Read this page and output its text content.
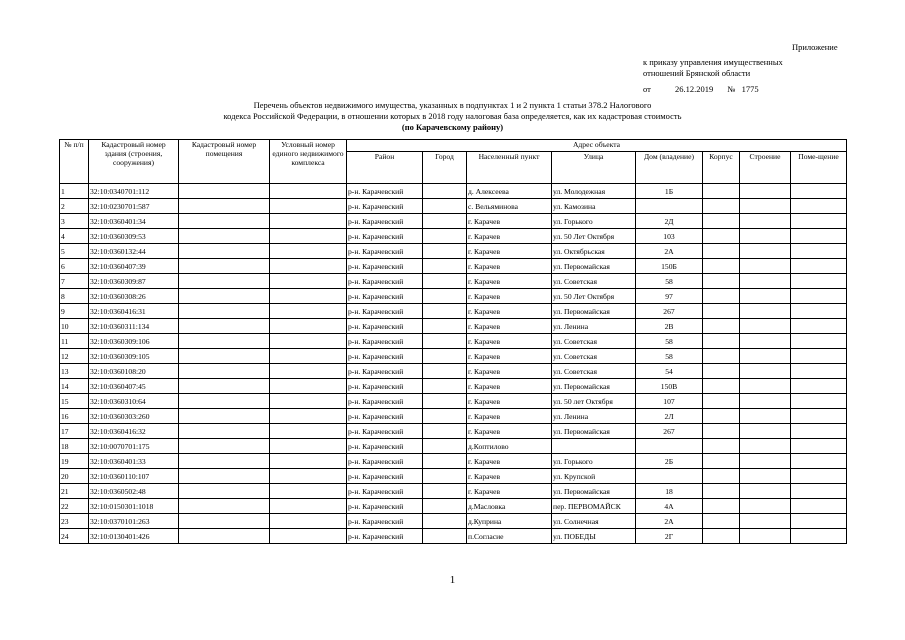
Приложение
к приказу управления имущественных
отношений Брянской области
от	26.12.2019 № 1775
Перечень объектов недвижимого имущества, указанных в подпунктах 1 и 2 пункта 1 статьи 378.2 Налогового
кодекса Российской Федерации, в отношении которых в 2018 году налоговая база определяется, как их кадастровая стоимость
(по Карачевскому району)
№ п/п	Кадастровый номер здания (строения, сооружения)	Кадастровый номер помещения	Условный номер единого недвижимого комплекса	Адрес объекта							
				Район	Город	Населенный пункт	Улица	Дом (владение)	Корпус	Строение	Поме-щение
1	32:10:0340701:112			р-н. Карачевский		д. Алексеева	ул. Молодежная	1Б			
2	32:10:0230701:587			р-н. Карачевский		с. Вельяминова	ул. Камозина				
3	32:10:0360401:34			р-н. Карачевский		г. Карачев	ул. Горького	2Д			
4	32:10:0360309:53			р-н. Карачевский		г. Карачев	ул. 50 Лет Октября	103			
5	32:10:0360132:44			р-н. Карачевский		г. Карачев	ул. Октябрьская	2А			
6	32:10:0360407:39			р-н. Карачевский		г. Карачев	ул. Первомайская	150Б			
7	32:10:0360309:87			р-н. Карачевский		г. Карачев	ул. Советская	58			
8	32:10:0360308:26			р-н. Карачевский		г. Карачев	ул. 50 Лет Октября	97			
9	32:10:0360416:31			р-н. Карачевский		г. Карачев	ул. Первомайская	267			
10	32:10:0360311:134			р-н. Карачевский		г. Карачев	ул. Ленина	2В			
11	32:10:0360309:106			р-н. Карачевский		г. Карачев	ул. Советская	58			
12	32:10:0360309:105			р-н. Карачевский		г. Карачев	ул. Советская	58			
13	32:10:0360108:20			р-н. Карачевский		г. Карачев	ул. Советская	54			
14	32:10:0360407:45			р-н. Карачевский		г. Карачев	ул. Первомайская	150В			
15	32:10:0360310:64			р-н. Карачевский		г. Карачев	ул. 50 лет Октября	107			
16	32:10:0360303:260			р-н. Карачевский		г. Карачев	ул. Ленина	2Л			
17	32:10:0360416:32			р-н. Карачевский		г. Карачев	ул. Первомайская	267			
18	32:10:0070701:175			р-н. Карачевский		д.Коптилово					
19	32:10:0360401:33			р-н. Карачевский		г. Карачев	ул. Горького	2Б			
20	32:10:0360110:107			р-н. Карачевский		г. Карачев	ул. Крупской				
21	32:10:0360502:48			р-н. Карачевский		г. Карачев	ул. Первомайская	18			
22	32:10:0150301:1018			р-н. Карачевский		д.Масловка	пер. ПЕРВОМАЙСК	4А			
23	32:10:0370101:263			р-н. Карачевский		д.Куприна	ул. Солнечная	2А			
24	32:10:0130401:426			р-н. Карачевский		п.Согласие	ул. ПОБЕДЫ	2Г			
1
